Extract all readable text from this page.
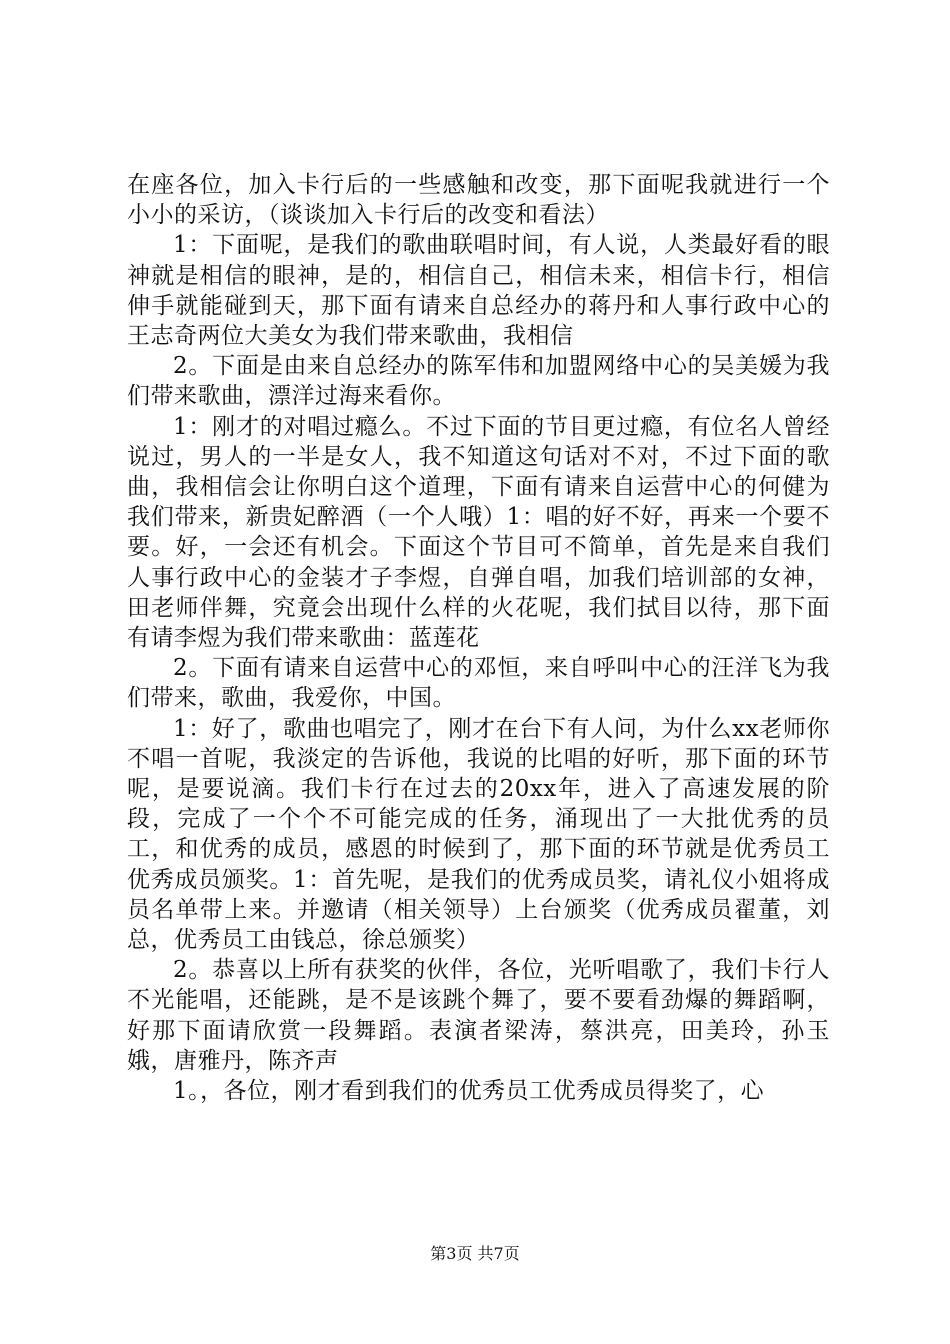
在座各位，加入卡行后的一些感触和改变，那下面呢我就进行一个小小的采访，（谈谈加入卡行后的改变和看法）

1：下面呢，是我们的歌曲联唱时间，有人说，人类最好看的眼神就是相信的眼神，是的，相信自己，相信未来，相信卡行，相信伸手就能碰到天，那下面有请来自总经办的蒋丹和人事行政中心的王志奇两位大美女为我们带来歌曲，我相信

2。下面是由来自总经办的陈军伟和加盟网络中心的吴美媛为我们带来歌曲，漂洋过海来看你。

1：刚才的对唱过瘾么。不过下面的节目更过瘾，有位名人曾经说过，男人的一半是女人，我不知道这句话对不对，不过下面的歌曲，我相信会让你明白这个道理，下面有请来自运营中心的何健为我们带来，新贵妃醉酒（一个人哦）1：唱的好不好，再来一个要不要。好，一会还有机会。下面这个节目可不简单，首先是来自我们人事行政中心的金装才子李煜，自弹自唱，加我们培训部的女神，田老师伴舞，究竟会出现什么样的火花呢，我们拭目以待，那下面有请李煜为我们带来歌曲：蓝莲花

2。下面有请来自运营中心的邓恒，来自呼叫中心的汪洋飞为我们带来，歌曲，我爱你，中国。

1：好了，歌曲也唱完了，刚才在台下有人问，为什么xx老师你不唱一首呢，我淡定的告诉他，我说的比唱的好听，那下面的环节呢，是要说滴。我们卡行在过去的20xx年，进入了高速发展的阶段，完成了一个个不可能完成的任务，涌现出了一大批优秀的员工，和优秀的成员，感恩的时候到了，那下面的环节就是优秀员工优秀成员颁奖。1：首先呢，是我们的优秀成员奖，请礼仪小姐将成员名单带上来。并邀请（相关领导）上台颁奖（优秀成员翟董，刘总，优秀员工由钱总，徐总颁奖）

2。恭喜以上所有获奖的伙伴，各位，光听唱歌了，我们卡行人不光能唱，还能跳，是不是该跳个舞了，要不要看劲爆的舞蹈啊，好那下面请欣赏一段舞蹈。表演者梁涛，蔡洪亮，田美玲，孙玉娥，唐雅丹，陈齐声

1。，各位，刚才看到我们的优秀员工优秀成员得奖了，心

第3页 共7页
